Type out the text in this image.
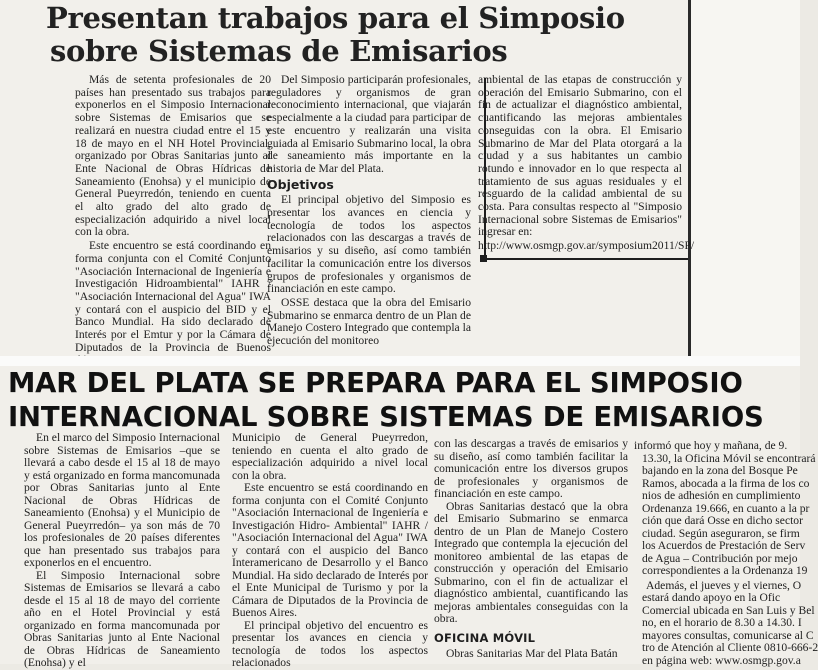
Presentan trabajos para el Simposio
sobre Sistemas de Emisarios

Más de setenta profesionales de 20 países han presentado sus trabajos para exponerlos en el Simposio Internacional sobre Sistemas de Emisarios que se realizará en nuestra ciudad entre el 15 y 18 de mayo en el NH Hotel Provincial, organizado por Obras Sanitarias junto al Ente Nacional de Obras Hídricas de Saneamiento (Enohsa) y el municipio de General Pueyrredón, teniendo en cuenta el alto grado del alto grado de especialización adquirido a nivel local con la obra.

Este encuentro se está coordinando en forma conjunta con el Comité Conjunto "Asociación Internacional de Ingeniería e Investigación Hidroambiental" IAHR / "Asociación Internacional del Agua" IWA y contará con el auspicio del BID y el Banco Mundial. Ha sido declarado de Interés por el Emtur y por la Cámara de Diputados de la Provincia de Buenos

Del Simposio participarán profesionales, reguladores y organismos de gran reconocimiento internacional, que viajarán especialmente a la ciudad para participar de este encuentro y realizarán una visita guiada al Emisario Submarino local, la obra de saneamiento más importante en la historia de Mar del Plata.

Objetivos

El principal objetivo del Simposio es presentar los avances en ciencia y tecnología de todos los aspectos relacionados con las descargas a través de emisarios y su diseño, así como también facilitar la comunicación entre los diversos grupos de profesionales y organismos de financiación en este campo.

OSSE destaca que la obra del Emisario Submarino se enmarca dentro de un Plan de Manejo Costero Integrado que contempla la ejecución del monitoreo

ambiental de las etapas de construcción y operación del Emisario Submarino, con el fin de actualizar el diagnóstico ambiental, cuantificando las mejoras ambientales conseguidas con la obra. El Emisario Submarino de Mar del Plata otorgará a la ciudad y a sus habitantes un cambio rotundo e innovador en lo que respecta al tratamiento de sus aguas residuales y el resguardo de la calidad ambiental de su costa. Para consultas respecto al "Simposio Internacional sobre Sistemas de Emisarios" ingresar en:

http://www.osmgp.gov.ar/symposium2011/SP/

MAR DEL PLATA SE PREPARA PARA EL SIMPOSIO
INTERNACIONAL SOBRE SISTEMAS DE EMISARIOS

En el marco del Simposio Internacional sobre Sistemas de Emisarios –que se llevará a cabo desde el 15 al 18 de mayo y está organizado en forma mancomunada por Obras Sanitarias junto al Ente Nacional de Obras Hídricas de Saneamiento (Enohsa) y el Municipio de General Pueyrredón– ya son más de 70 los profesionales de 20 países diferentes que han presentado sus trabajos para exponerlos en el encuentro.

El Simposio Internacional sobre Sistemas de Emisarios se llevará a cabo desde el 15 al 18 de mayo del corriente año en el Hotel Provincial y está organizado en forma mancomunada por Obras Sanitarias junto al Ente Nacional de Obras Hídricas de Saneamiento (Enohsa) y el

Municipio de General Pueyrredon, teniendo en cuenta el alto grado de especialización adquirido a nivel local con la obra.

Este encuentro se está coordinando en forma conjunta con el Comité Conjunto "Asociación Internacional de Ingeniería e Investigación Hidro- Ambiental" IAHR / "Asociación Internacional del Agua" IWA y contará con el auspicio del Banco Interamericano de Desarrollo y el Banco Mundial. Ha sido declarado de Interés por el Ente Municipal de Turismo y por la Cámara de Diputados de la Provincia de Buenos Aires.

El principal objetivo del encuentro es presentar los avances en ciencia y tecnología de todos los aspectos relacionados

con las descargas a través de emisarios y su diseño, así como también facilitar la comunicación entre los diversos grupos de profesionales y organismos de financiación en este campo.

Obras Sanitarias destacó que la obra del Emisario Submarino se enmarca dentro de un Plan de Manejo Costero Integrado que contempla la ejecución del monitoreo ambiental de las etapas de construcción y operación del Emisario Submarino, con el fin de actualizar el diagnóstico ambiental, cuantificando las mejoras ambientales conseguidas con la obra.

OFICINA MÓVIL

Obras Sanitarias Mar del Plata Batán

informó que hoy y mañana, de 9.

13.30, la Oficina Móvil se encontrará

bajando en la zona del Bosque Pe

Ramos, abocada a la firma de los co

nios de adhesión en cumplimiento

Ordenanza 19.666, en cuanto a la pr

ción que dará Osse en dicho sector

ciudad. Según aseguraron, se firm

los Acuerdos de Prestación de Serv

de Agua – Contribución por mejo

correspondientes a la Ordenanza 19

Además, el jueves y el viernes, O

estará dando apoyo en la Ofic

Comercial ubicada en San Luis y Bel

no, en el horario de 8.30 a 14.30. I

mayores consultas, comunicarse al C

tro de Atención al Cliente 0810-666-2

en página web: www.osmgp.gov.a
